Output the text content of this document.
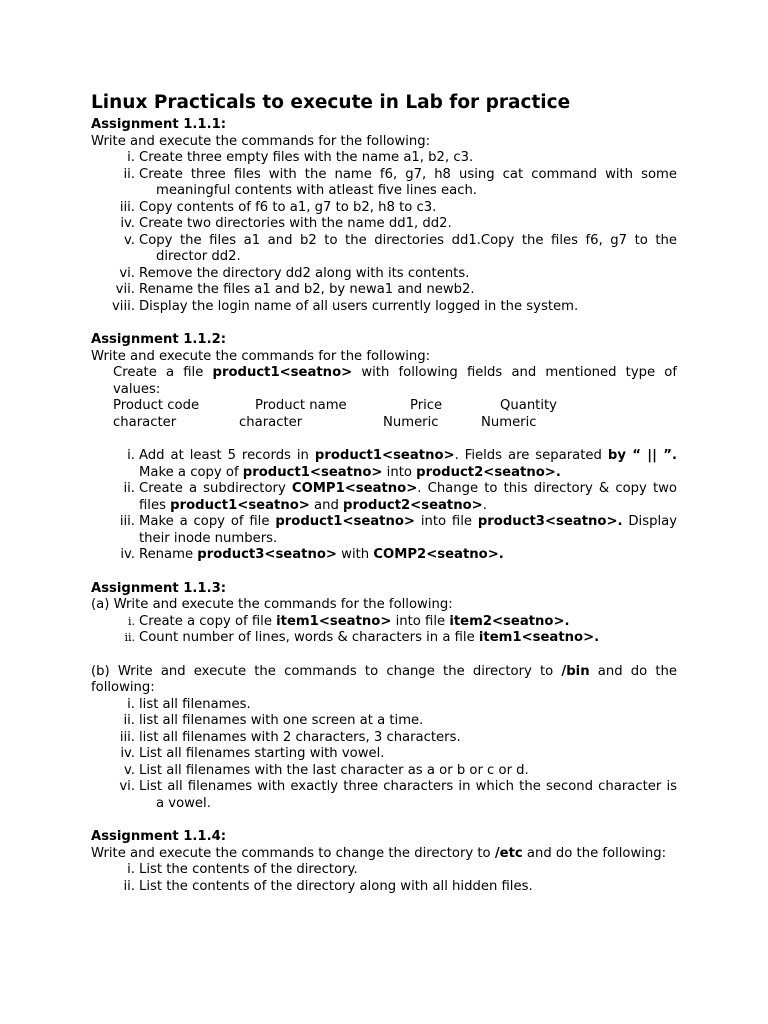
Linux Practicals to execute in Lab for practice
Assignment 1.1.1:
Write and execute the commands for the following:
i. Create three empty files with the name a1, b2, c3.
ii. Create three files with the name f6, g7, h8 using cat command with some meaningful contents with atleast five lines each.
iii. Copy contents of f6 to a1, g7 to b2, h8 to c3.
iv. Create two directories with the name dd1, dd2.
v. Copy the files a1 and b2 to the directories dd1.Copy the files f6, g7 to the director dd2.
vi. Remove the directory dd2 along with its contents.
vii. Rename the files a1 and b2, by newa1 and newb2.
viii. Display the login name of all users currently logged in the system.
Assignment 1.1.2:
Write and execute the commands for the following:
Create a file product1<seatno> with following fields and mentioned type of values:
Product code	Product name	Price	Quantity
character	character	Numeric	Numeric
i. Add at least 5 records in product1<seatno>. Fields are separated by “ || ”. Make a copy of product1<seatno> into product2<seatno>.
ii. Create a subdirectory COMP1<seatno>. Change to this directory & copy two files product1<seatno> and product2<seatno>.
iii. Make a copy of file product1<seatno> into file product3<seatno>. Display their inode numbers.
iv. Rename product3<seatno> with COMP2<seatno>.
Assignment 1.1.3:
(a) Write and execute the commands for the following:
i. Create a copy of file item1<seatno> into file item2<seatno>.
ii. Count number of lines, words & characters in a file item1<seatno>.
(b) Write and execute the commands to change the directory to /bin and do the following:
i. list all filenames.
ii. list all filenames with one screen at a time.
iii. list all filenames with 2 characters, 3 characters.
iv. List all filenames starting with vowel.
v. List all filenames with the last character as a or b or c or d.
vi. List all filenames with exactly three characters in which the second character is a vowel.
Assignment 1.1.4:
Write and execute the commands to change the directory to /etc and do the following:
i. List the contents of the directory.
ii. List the contents of the directory along with all hidden files.
